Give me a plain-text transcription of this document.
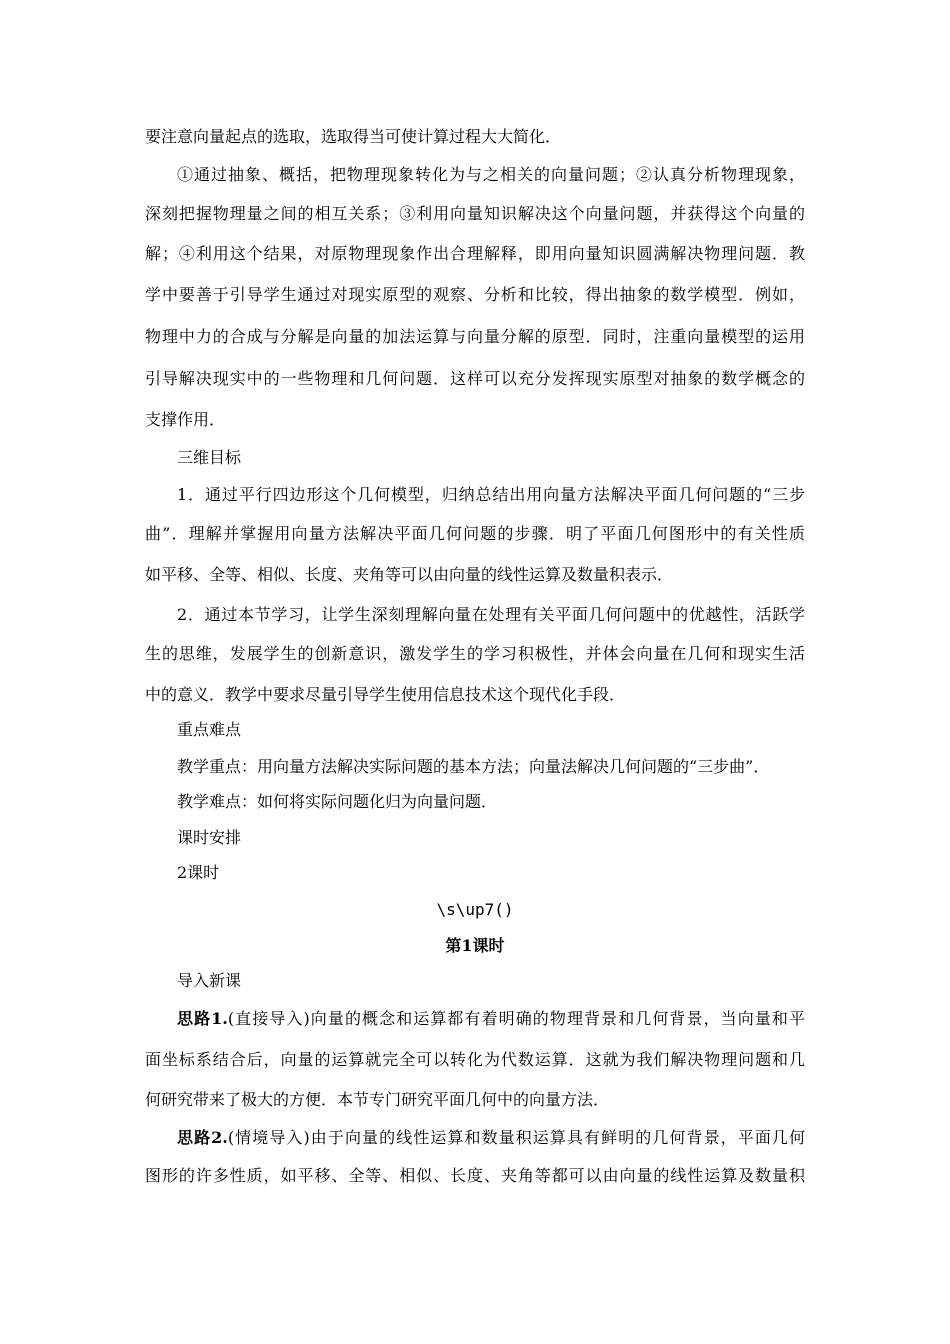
要注意向量起点的选取，选取得当可使计算过程大大简化．
①通过抽象、概括，把物理现象转化为与之相关的向量问题；②认真分析物理现象，
深刻把握物理量之间的相互关系；③利用向量知识解决这个向量问题，并获得这个向量的
解；④利用这个结果，对原物理现象作出合理解释，即用向量知识圆满解决物理问题．教
学中要善于引导学生通过对现实原型的观察、分析和比较，得出抽象的数学模型．例如，
物理中力的合成与分解是向量的加法运算与向量分解的原型．同时，注重向量模型的运用
引导解决现实中的一些物理和几何问题．这样可以充分发挥现实原型对抽象的数学概念的
支撑作用．
三维目标
1．通过平行四边形这个几何模型，归纳总结出用向量方法解决平面几何问题的“三步
曲”．理解并掌握用向量方法解决平面几何问题的步骤．明了平面几何图形中的有关性质
如平移、全等、相似、长度、夹角等可以由向量的线性运算及数量积表示．
2．通过本节学习，让学生深刻理解向量在处理有关平面几何问题中的优越性，活跃学
生的思维，发展学生的创新意识，激发学生的学习积极性，并体会向量在几何和现实生活
中的意义．教学中要求尽量引导学生使用信息技术这个现代化手段．
重点难点
教学重点：用向量方法解决实际问题的基本方法；向量法解决几何问题的“三步曲”．
教学难点：如何将实际问题化归为向量问题．
课时安排
2课时
\s\up7()
第1课时
导入新课
思路1.(直接导入)向量的概念和运算都有着明确的物理背景和几何背景，当向量和平
面坐标系结合后，向量的运算就完全可以转化为代数运算．这就为我们解决物理问题和几
何研究带来了极大的方便．本节专门研究平面几何中的向量方法．
思路2.(情境导入)由于向量的线性运算和数量积运算具有鲜明的几何背景，平面几何
图形的许多性质，如平移、全等、相似、长度、夹角等都可以由向量的线性运算及数量积
